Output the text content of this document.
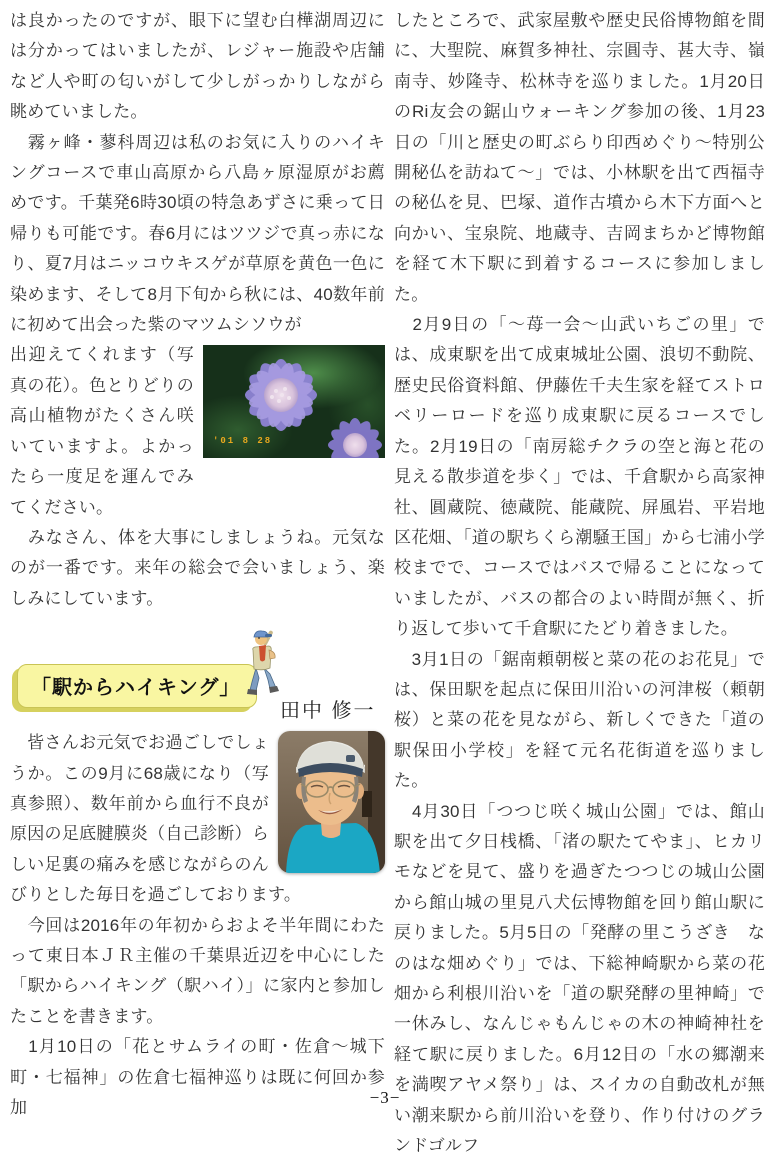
は良かったのですが、眼下に望む白樺湖周辺には分かってはいましたが、レジャー施設や店舗など人や町の匂いがして少しがっかりしながら眺めていました。

　霧ヶ峰・蓼科周辺は私のお気に入りのハイキングコースで車山高原から八島ヶ原湿原がお薦めです。千葉発6時30頃の特急あずさに乗って日帰りも可能です。春6月にはツツジで真っ赤になり、夏7月はニッコウキスゲが草原を黄色一色に染めます、そして8月下旬から秋には、40数年前に初めて出会った紫のマツムシソウが

'01 8 28

出迎えてくれます（写真の花）。色とりどりの高山植物がたくさん咲いていますよ。よかったら一度足を運んでみてください。

　みなさん、体を大事にしましょうね。元気なのが一番です。来年の総会で会いましょう、楽しみにしています。

「駅からハイキング」
田中 修一

　皆さんお元気でお過ごしでしょうか。この9月に68歳になり（写真参照）、数年前から血行不良が原因の足底腱膜炎（自己診断）らしい足裏の痛みを感じながらのんびりとした毎日を過ごしております。

　今回は2016年の年初からおよそ半年間にわたって東日本ＪＲ主催の千葉県近辺を中心にした「駅からハイキング（駅ハイ）」に家内と参加したことを書きます。

　1月10日の「花とサムライの町・佐倉～城下町・七福神」の佐倉七福神巡りは既に何回か参加

したところで、武家屋敷や歴史民俗博物館を間に、大聖院、麻賀多神社、宗圓寺、甚大寺、嶺南寺、妙隆寺、松林寺を巡りました。1月20日のRi友会の鋸山ウォーキング参加の後、1月23日の「川と歴史の町ぶらり印西めぐり～特別公開秘仏を訪ねて～」では、小林駅を出て西福寺の秘仏を見、巴塚、道作古墳から木下方面へと向かい、宝泉院、地蔵寺、吉岡まちかど博物館を経て木下駅に到着するコースに参加しました。

　2月9日の「～苺一会～山武いちごの里」では、成東駅を出て成東城址公園、浪切不動院、歴史民俗資料館、伊藤佐千夫生家を経てストロベリーロードを巡り成東駅に戻るコースでした。2月19日の「南房総チクラの空と海と花の見える散歩道を歩く」では、千倉駅から高家神社、圓蔵院、徳蔵院、能蔵院、屏風岩、平岩地区花畑、「道の駅ちくら潮騒王国」から七浦小学校までで、コースではバスで帰ることになっていましたが、バスの都合のよい時間が無く、折り返して歩いて千倉駅にたどり着きました。

　3月1日の「鋸南頼朝桜と菜の花のお花見」では、保田駅を起点に保田川沿いの河津桜（頼朝桜）と菜の花を見ながら、新しくできた「道の駅保田小学校」を経て元名花街道を巡りました。

　4月30日「つつじ咲く城山公園」では、館山駅を出て夕日桟橋、「渚の駅たてやま」、ヒカリモなどを見て、盛りを過ぎたつつじの城山公園から館山城の里見八犬伝博物館を回り館山駅に戻りました。5月5日の「発酵の里こうざき　なのはな畑めぐり」では、下総神崎駅から菜の花畑から利根川沿いを「道の駅発酵の里神崎」で一休みし、なんじゃもんじゃの木の神崎神社を経て駅に戻りました。6月12日の「水の郷潮来を満喫アヤメ祭り」は、スイカの自動改札が無い潮来駅から前川沿いを登り、作り付けのグランドゴルフ

−3−
